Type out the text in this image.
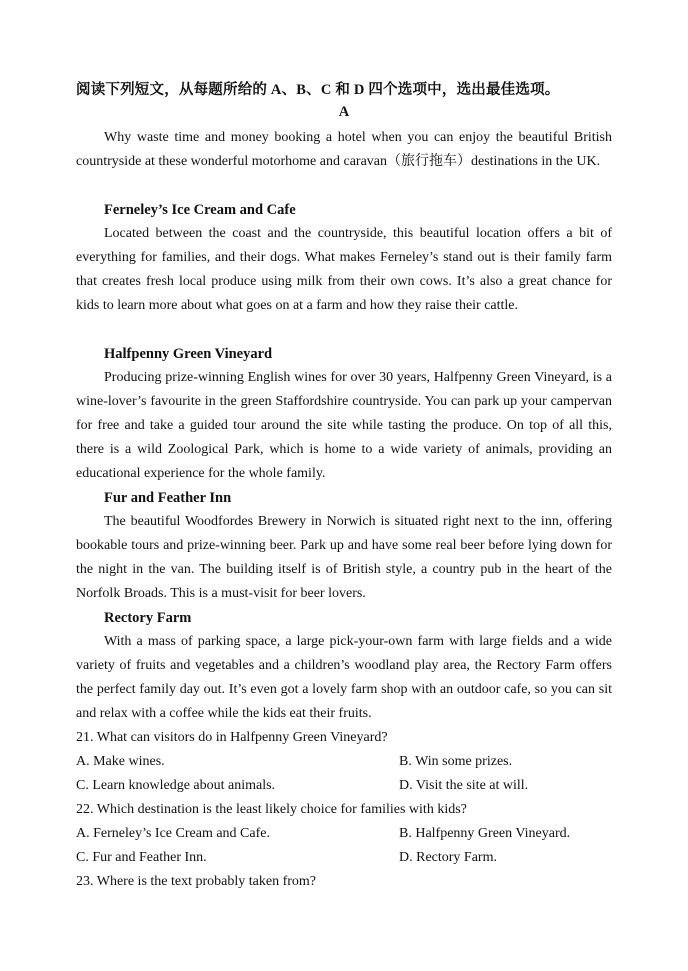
阅读下列短文，从每题所给的 A、B、C 和 D 四个选项中，选出最佳选项。
A
Why waste time and money booking a hotel when you can enjoy the beautiful British countryside at these wonderful motorhome and caravan（旅行拖车）destinations in the UK.
Ferneley’s Ice Cream and Cafe
Located between the coast and the countryside, this beautiful location offers a bit of everything for families, and their dogs. What makes Ferneley’s stand out is their family farm that creates fresh local produce using milk from their own cows. It’s also a great chance for kids to learn more about what goes on at a farm and how they raise their cattle.
Halfpenny Green Vineyard
Producing prize-winning English wines for over 30 years, Halfpenny Green Vineyard, is a wine-lover’s favourite in the green Staffordshire countryside. You can park up your campervan for free and take a guided tour around the site while tasting the produce. On top of all this, there is a wild Zoological Park, which is home to a wide variety of animals, providing an educational experience for the whole family.
Fur and Feather Inn
The beautiful Woodfordes Brewery in Norwich is situated right next to the inn, offering bookable tours and prize-winning beer. Park up and have some real beer before lying down for the night in the van. The building itself is of British style, a country pub in the heart of the Norfolk Broads. This is a must-visit for beer lovers.
Rectory Farm
With a mass of parking space, a large pick-your-own farm with large fields and a wide variety of fruits and vegetables and a children’s woodland play area, the Rectory Farm offers the perfect family day out. It’s even got a lovely farm shop with an outdoor cafe, so you can sit and relax with a coffee while the kids eat their fruits.
21. What can visitors do in Halfpenny Green Vineyard?
A. Make wines.	B. Win some prizes.
C. Learn knowledge about animals.	D. Visit the site at will.
22. Which destination is the least likely choice for families with kids?
A. Ferneley’s Ice Cream and Cafe.	B. Halfpenny Green Vineyard.
C. Fur and Feather Inn.	D. Rectory Farm.
23. Where is the text probably taken from?
